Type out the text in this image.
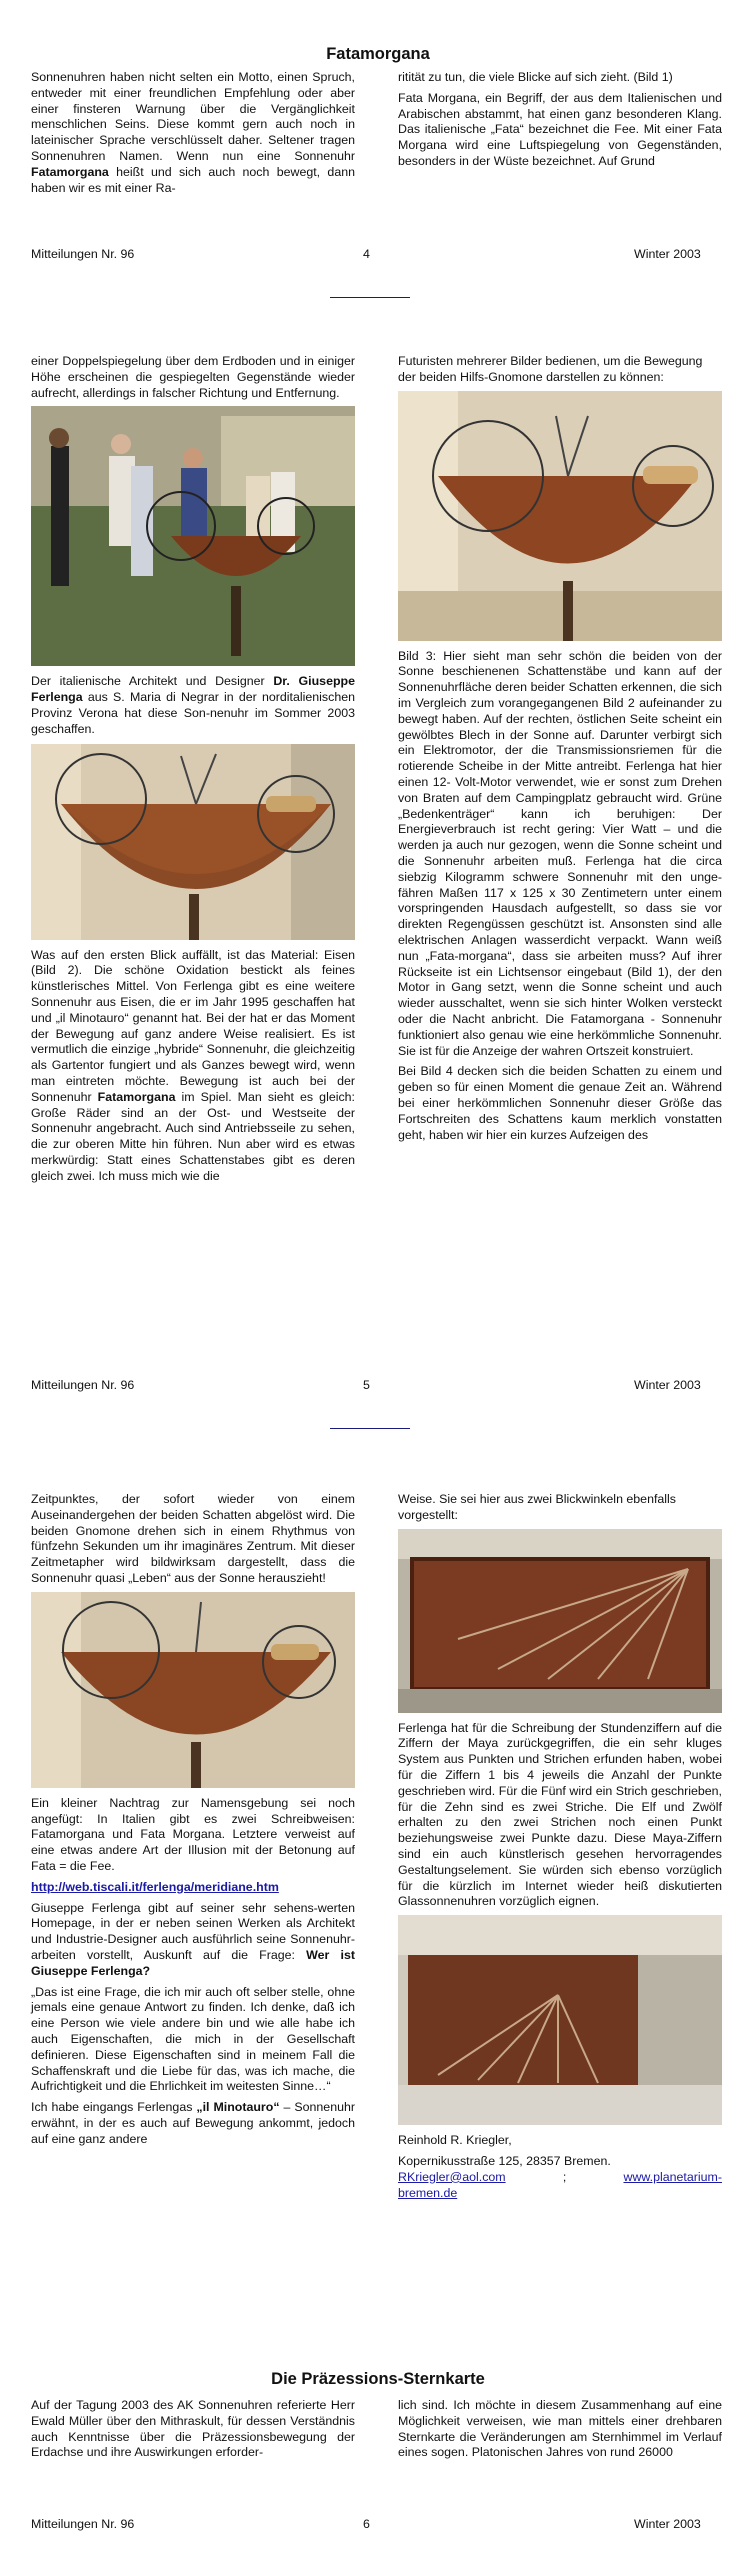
Fatamorgana

Sonnenuhren haben nicht selten ein Motto, einen Spruch, entweder mit einer freundlichen Empfehlung oder aber einer finsteren Warnung über die Vergänglichkeit menschlichen Seins. Diese kommt gern auch noch in lateinischer Sprache verschlüsselt daher. Seltener tragen Sonnenuhren Namen. Wenn nun eine Sonnenuhr Fatamorgana heißt und sich auch noch bewegt, dann haben wir es mit einer Ra-

ritität zu tun, die viele Blicke auf sich zieht. (Bild 1)

Fata Morgana, ein Begriff, der aus dem Italienischen und Arabischen abstammt, hat einen ganz besonderen Klang. Das italienische „Fata“ bezeichnet die Fee. Mit einer Fata Morgana wird eine Luftspiegelung von Gegenständen, besonders in der Wüste bezeichnet. Auf Grund

Mitteilungen Nr. 96	4	Winter 2003

einer Doppelspiegelung über dem Erdboden und in einiger Höhe erscheinen die gespiegelten Gegenstände wieder aufrecht, allerdings in falscher Richtung und Entfernung.

Der italienische Architekt und Designer Dr. Giuseppe Ferlenga aus S. Maria di Negrar in der norditalienischen Provinz Verona hat diese Son-nenuhr im Sommer 2003 geschaffen.

Was auf den ersten Blick auffällt, ist das Material: Eisen (Bild 2). Die schöne Oxidation bestickt als feines künstlerisches Mittel. Von Ferlenga gibt es eine weitere Sonnenuhr aus Eisen, die er im Jahr 1995 geschaffen hat und „il Minotauro“ genannt hat. Bei der hat er das Moment der Bewegung auf ganz andere Weise realisiert. Es ist vermutlich die einzige „hybride“ Sonnenuhr, die gleichzeitig als Gartentor fungiert und als Ganzes bewegt wird, wenn man eintreten möchte. Bewegung ist auch bei der Sonnenuhr Fatamorgana im Spiel. Man sieht es gleich: Große Räder sind an der Ost- und Westseite der Sonnenuhr angebracht. Auch sind Antriebsseile zu sehen, die zur oberen Mitte hin führen. Nun aber wird es etwas merkwürdig: Statt eines Schattenstabes gibt es deren gleich zwei. Ich muss mich wie die

Futuristen mehrerer Bilder bedienen, um die Bewegung der beiden Hilfs-Gnomone darstellen zu können:

Bild 3: Hier sieht man sehr schön die beiden von der Sonne beschienenen Schattenstäbe und kann auf der Sonnenuhrfläche deren beider Schatten erkennen, die sich im Vergleich zum vorangegangenen Bild 2 aufeinander zu bewegt haben. Auf der rechten, östlichen Seite scheint ein gewölbtes Blech in der Sonne auf. Darunter verbirgt sich ein Elektromotor, der die Transmissionsriemen für die rotierende Scheibe in der Mitte antreibt. Ferlenga hat hier einen 12- Volt-Motor verwendet, wie er sonst zum Drehen von Braten auf dem Campingplatz gebraucht wird. Grüne „Bedenkenträger“ kann ich beruhigen: Der Energieverbrauch ist recht gering: Vier Watt – und die werden ja auch nur gezogen, wenn die Sonne scheint und die Sonnenuhr arbeiten muß. Ferlenga hat die circa siebzig Kilogramm schwere Sonnenuhr mit den unge-fähren Maßen 117 x 125 x 30 Zentimetern unter einem vorspringenden Hausdach aufgestellt, so dass sie vor direkten Regengüssen geschützt ist. Ansonsten sind alle elektrischen Anlagen wasserdicht verpackt. Wann weiß nun „Fata-morgana“, dass sie arbeiten muss? Auf ihrer Rückseite ist ein Lichtsensor eingebaut (Bild 1), der den Motor in Gang setzt, wenn die Sonne scheint und auch wieder ausschaltet, wenn sie sich hinter Wolken versteckt oder die Nacht anbricht. Die Fatamorgana - Sonnenuhr funktioniert also genau wie eine herkömmliche Sonnenuhr. Sie ist für die Anzeige der wahren Ortszeit konstruiert.

Bei Bild 4 decken sich die beiden Schatten zu einem und geben so für einen Moment die genaue Zeit an. Während bei einer herkömmlichen Sonnenuhr dieser Größe das Fortschreiten des Schattens kaum merklich vonstatten geht, haben wir hier ein kurzes Aufzeigen des

Mitteilungen Nr. 96	5	Winter 2003

Zeitpunktes, der sofort wieder von einem Auseinandergehen der beiden Schatten abgelöst wird. Die beiden Gnomone drehen sich in einem Rhythmus von fünfzehn Sekunden um ihr imaginäres Zentrum. Mit dieser Zeitmetapher wird bildwirksam dargestellt, dass die Sonnenuhr quasi „Leben“ aus der Sonne herauszieht!

Ein kleiner Nachtrag zur Namensgebung sei noch angefügt: In Italien gibt es zwei Schreibweisen: Fatamorgana und Fata Morgana. Letztere verweist auf eine etwas andere Art der Illusion mit der Betonung auf Fata = die Fee.

http://web.tiscali.it/ferlenga/meridiane.htm

Giuseppe Ferlenga gibt auf seiner sehr sehens-werten Homepage, in der er neben seinen Werken als Architekt und Industrie-Designer auch ausführlich seine Sonnenuhr-arbeiten vorstellt, Auskunft auf die Frage: Wer ist Giuseppe Ferlenga?

„Das ist eine Frage, die ich mir auch oft selber stelle, ohne jemals eine genaue Antwort zu finden. Ich denke, daß ich eine Person wie viele andere bin und wie alle habe ich auch Eigenschaften, die mich in der Gesellschaft definieren. Diese Eigenschaften sind in meinem Fall die Schaffenskraft und die Liebe für das, was ich mache, die Aufrichtigkeit und die Ehrlichkeit im weitesten Sinne…“

Ich habe eingangs Ferlengas „il Minotauro“ – Sonnenuhr erwähnt, in der es auch auf Bewegung ankommt, jedoch auf eine ganz andere

Weise. Sie sei hier aus zwei Blickwinkeln ebenfalls vorgestellt:

Ferlenga hat für die Schreibung der Stundenziffern auf die Ziffern der Maya zurückgegriffen, die ein sehr kluges System aus Punkten und Strichen erfunden haben, wobei für die Ziffern 1 bis 4 jeweils die Anzahl der Punkte geschrieben wird. Für die Fünf wird ein Strich geschrieben, für die Zehn sind es zwei Striche. Die Elf und Zwölf erhalten zu den zwei Strichen noch einen Punkt beziehungsweise zwei Punkte dazu. Diese Maya-Ziffern sind ein auch künstlerisch gesehen hervorragendes Gestaltungselement. Sie würden sich ebenso vorzüglich für die kürzlich im Internet wieder heiß diskutierten Glassonnenuhren vorzüglich eignen.

Reinhold R. Kriegler,

Kopernikusstraße 125, 28357 Bremen.
RKriegler@aol.com	;	www.planetarium-bremen.de

Die Präzessions-Sternkarte

Auf der Tagung 2003 des AK Sonnenuhren referierte Herr Ewald Müller über den Mithraskult, für dessen Verständnis auch Kenntnisse über die Präzessionsbewegung der Erdachse und ihre Auswirkungen erforder-

lich sind. Ich möchte in diesem Zusammenhang auf eine Möglichkeit verweisen, wie man mittels einer drehbaren Sternkarte die Veränderungen am Sternhimmel im Verlauf eines sogen. Platonischen Jahres von rund 26000

Mitteilungen Nr. 96	6	Winter 2003
